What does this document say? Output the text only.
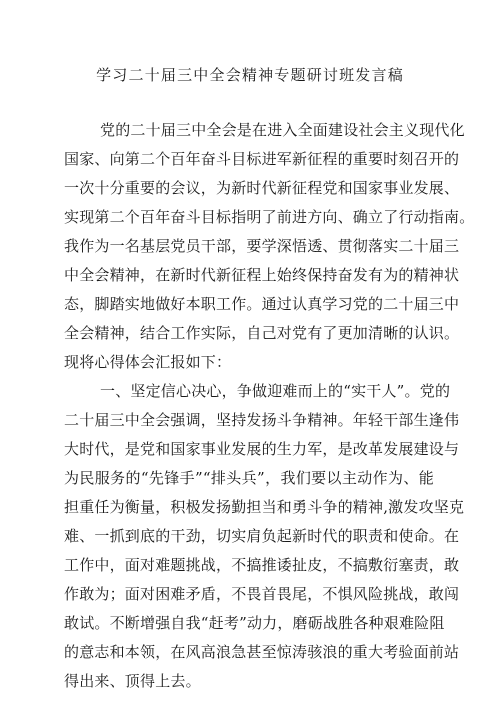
学习二十届三中全会精神专题研讨班发言稿
党的二十届三中全会是在进入全面建设社会主义现代化
国家、向第二个百年奋斗目标进军新征程的重要时刻召开的
一次十分重要的会议，为新时代新征程党和国家事业发展、
实现第二个百年奋斗目标指明了前进方向、确立了行动指南。
我作为一名基层党员干部，要学深悟透、贯彻落实二十届三
中全会精神，在新时代新征程上始终保持奋发有为的精神状
态，脚踏实地做好本职工作。通过认真学习党的二十届三中
全会精神，结合工作实际，自己对党有了更加清晰的认识。
现将心得体会汇报如下：
一、坚定信心决心，争做迎难而上的“实干人”。党的
二十届三中全会强调，坚持发扬斗争精神。年轻干部生逢伟
大时代，是党和国家事业发展的生力军，是改革发展建设与
为民服务的“先锋手”“排头兵”，我们要以主动作为、能
担重任为衡量，积极发扬勤担当和勇斗争的精神,激发攻坚克
难、一抓到底的干劲，切实肩负起新时代的职责和使命。在
工作中，面对难题挑战，不搞推诿扯皮，不搞敷衍塞责，敢
作敢为；面对困难矛盾，不畏首畏尾，不惧风险挑战，敢闯
敢试。不断增强自我“赶考”动力，磨砺战胜各种艰难险阻
的意志和本领，在风高浪急甚至惊涛骇浪的重大考验面前站
得出来、顶得上去。
